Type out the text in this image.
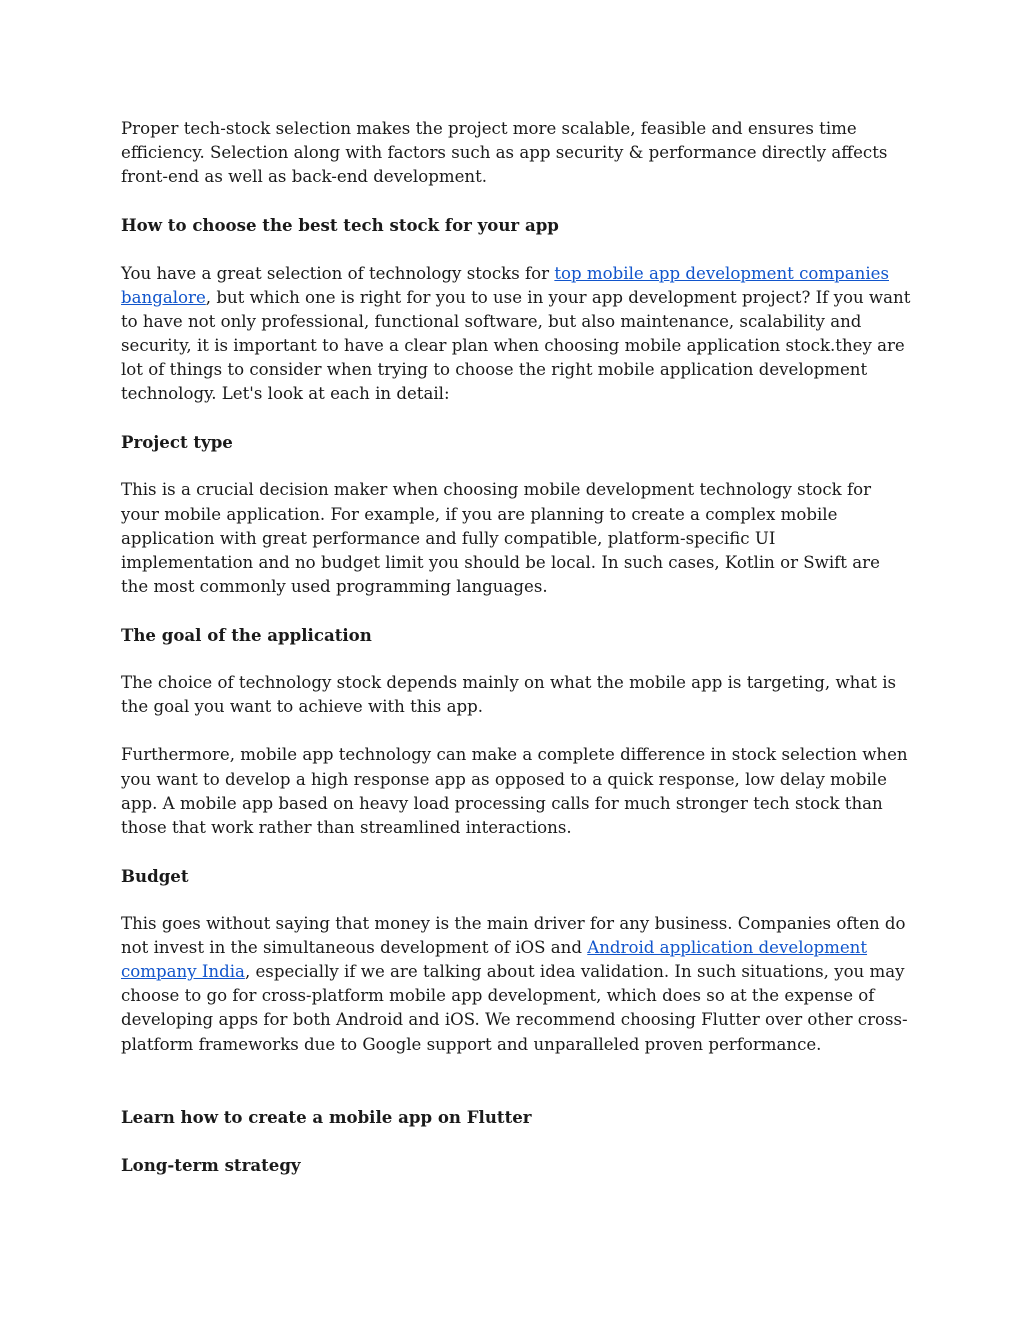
Proper tech-stock selection makes the project more scalable, feasible and ensures time efficiency. Selection along with factors such as app security & performance directly affects front-end as well as back-end development.

How to choose the best tech stock for your app

You have a great selection of technology stocks for top mobile app development companies bangalore, but which one is right for you to use in your app development project? If you want to have not only professional, functional software, but also maintenance, scalability and security, it is important to have a clear plan when choosing mobile application stock.they are lot of things to consider when trying to choose the right mobile application development technology. Let's look at each in detail:

Project type

This is a crucial decision maker when choosing mobile development technology stock for your mobile application. For example, if you are planning to create a complex mobile application with great performance and fully compatible, platform-specific UI implementation and no budget limit you should be local. In such cases, Kotlin or Swift are the most commonly used programming languages.

The goal of the application

The choice of technology stock depends mainly on what the mobile app is targeting, what is the goal you want to achieve with this app.

Furthermore, mobile app technology can make a complete difference in stock selection when you want to develop a high response app as opposed to a quick response, low delay mobile app. A mobile app based on heavy load processing calls for much stronger tech stock than those that work rather than streamlined interactions.

Budget

This goes without saying that money is the main driver for any business. Companies often do not invest in the simultaneous development of iOS and Android application development company India, especially if we are talking about idea validation. In such situations, you may choose to go for cross-platform mobile app development, which does so at the expense of developing apps for both Android and iOS. We recommend choosing Flutter over other cross-platform frameworks due to Google support and unparalleled proven performance.

Learn how to create a mobile app on Flutter
Long-term strategy
